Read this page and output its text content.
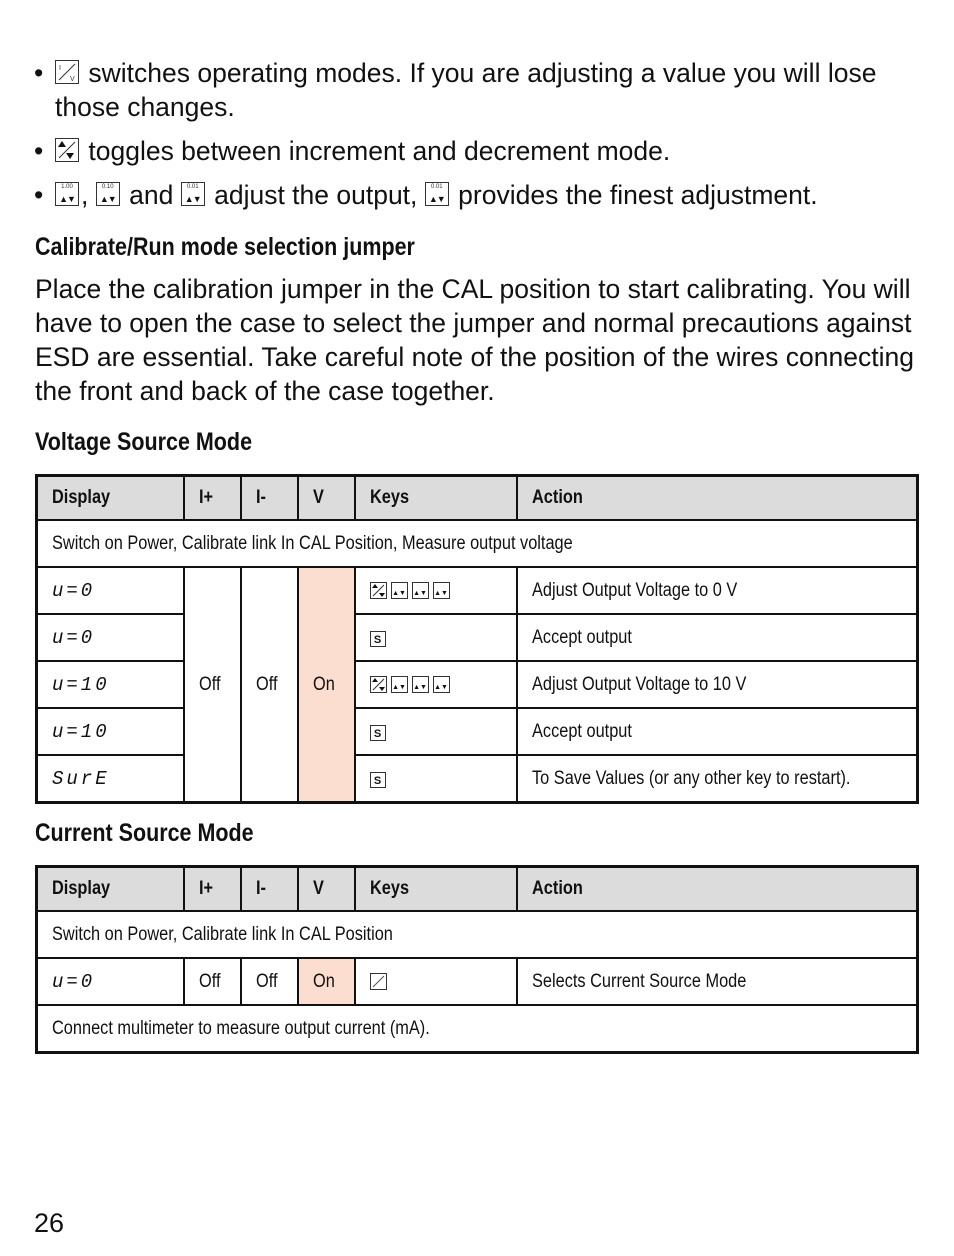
• I
V switches operating modes. If you are adjusting a value you will lose those changes.
• toggles between increment and decrement mode.
•	1.00
▲▼ ,	0.10
▲▼ and	0.01
▲▼ adjust the output,	0.01
▲▼ provides the finest adjustment.
Calibrate/Run mode selection jumper

Place the calibration jumper in the CAL position to start calibrating. You will have to open the case to select the jumper and normal precautions against ESD are essential. Take careful note of the position of the wires connecting the front and back of the case together.

Voltage Source Mode
Display	I+	I-	V	Keys	Action
Switch on Power, Calibrate link In CAL Position, Measure output voltage					
u=0	Off	Off	On	▲▼ ▲▼ ▲▼	Adjust Output Voltage to 0 V
u=0				S	Accept output
u=10				▲▼ ▲▼ ▲▼	Adjust Output Voltage to 10 V
u=10				S	Accept output
SurE				S	To Save Values (or any other key to restart).
Current Source Mode
Display	I+	I-	V	Keys	Action
Switch on Power, Calibrate link In CAL Position					
u=0	Off	Off	On		Selects Current Source Mode
Connect multimeter to measure output current (mA).					
26
